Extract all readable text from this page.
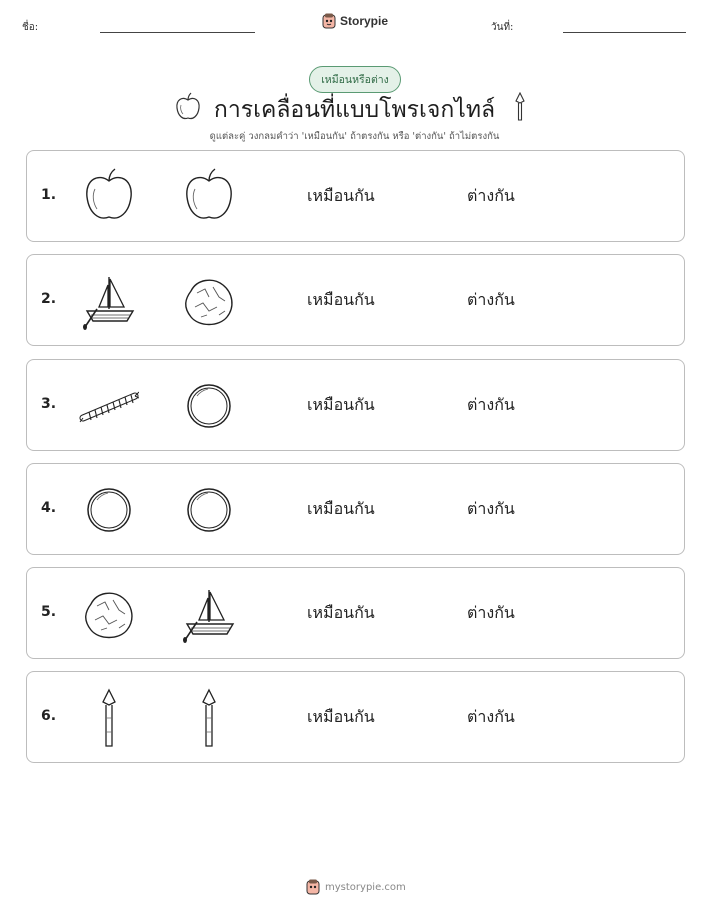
ชื่อ:	Storypie	วันที่:
เหมือนหรือต่าง
การเคลื่อนที่แบบโพรเจกไทล์
ดูแต่ละคู่ วงกลมคำว่า 'เหมือนกัน' ถ้าตรงกัน หรือ 'ต่างกัน' ถ้าไม่ตรงกัน
1.	เหมือนกัน	ต่างกัน
2.	เหมือนกัน	ต่างกัน
3.	เหมือนกัน	ต่างกัน
4.	เหมือนกัน	ต่างกัน
5.	เหมือนกัน	ต่างกัน
6.	เหมือนกัน	ต่างกัน
mystorypie.com
